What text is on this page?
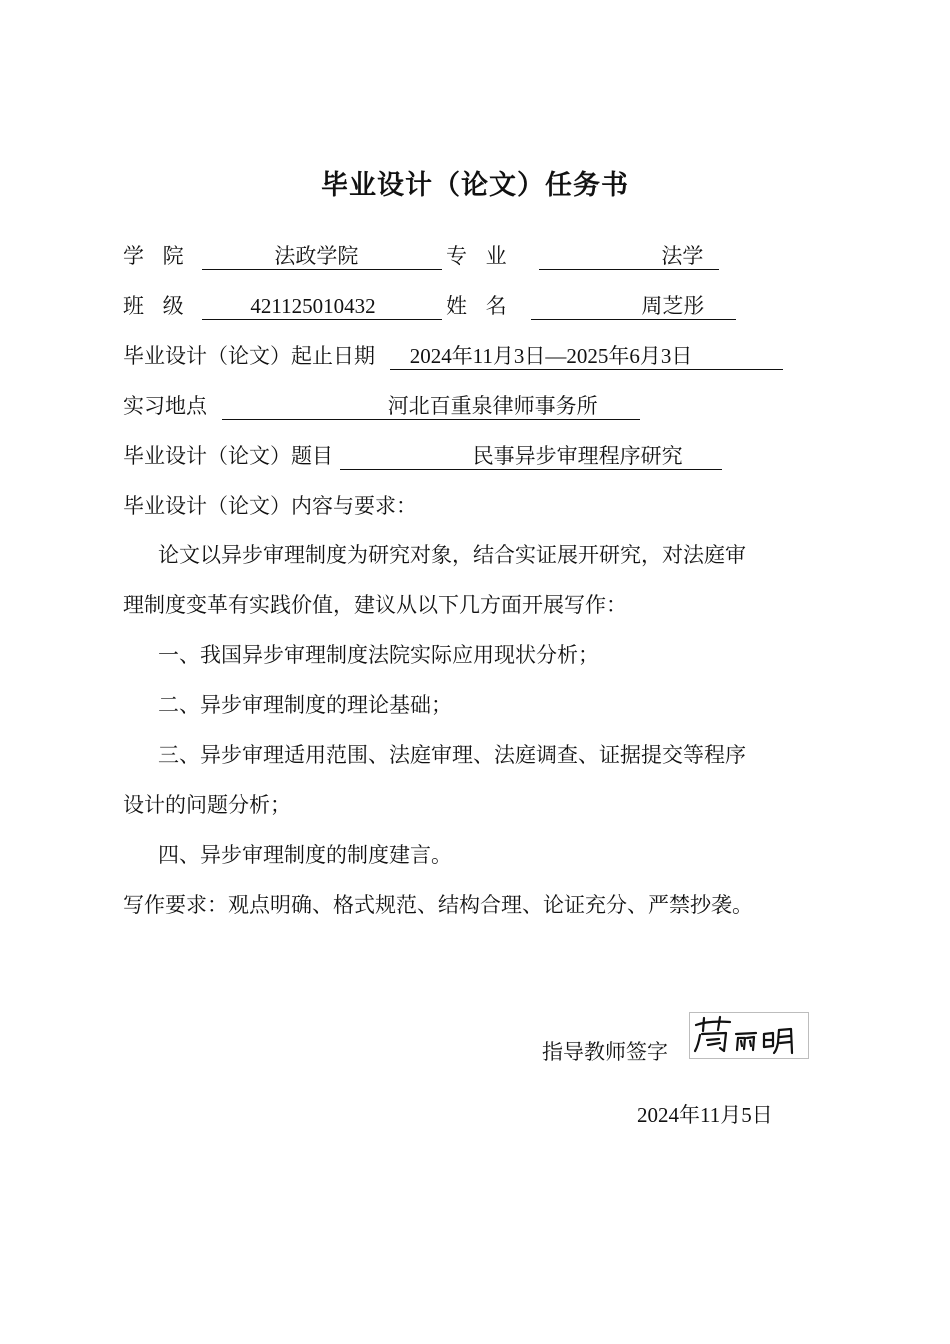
毕业设计（论文）任务书
学 院	法政学院	专 业	法学
班 级	421125010432	姓 名	周芝彤
毕业设计（论文）起止日期 2024年11月3日—2025年6月3日
实习地点	河北百重泉律师事务所
毕业设计（论文）题目	民事异步审理程序研究
毕业设计（论文）内容与要求：
论文以异步审理制度为研究对象，结合实证展开研究，对法庭审
理制度变革有实践价值，建议从以下几方面开展写作：
一、我国异步审理制度法院实际应用现状分析；
二、异步审理制度的理论基础；
三、异步审理适用范围、法庭审理、法庭调查、证据提交等程序
设计的问题分析；
四、异步审理制度的制度建言。
写作要求：观点明确、格式规范、结构合理、论证充分、严禁抄袭。
指导教师签字
2024年11月5日
